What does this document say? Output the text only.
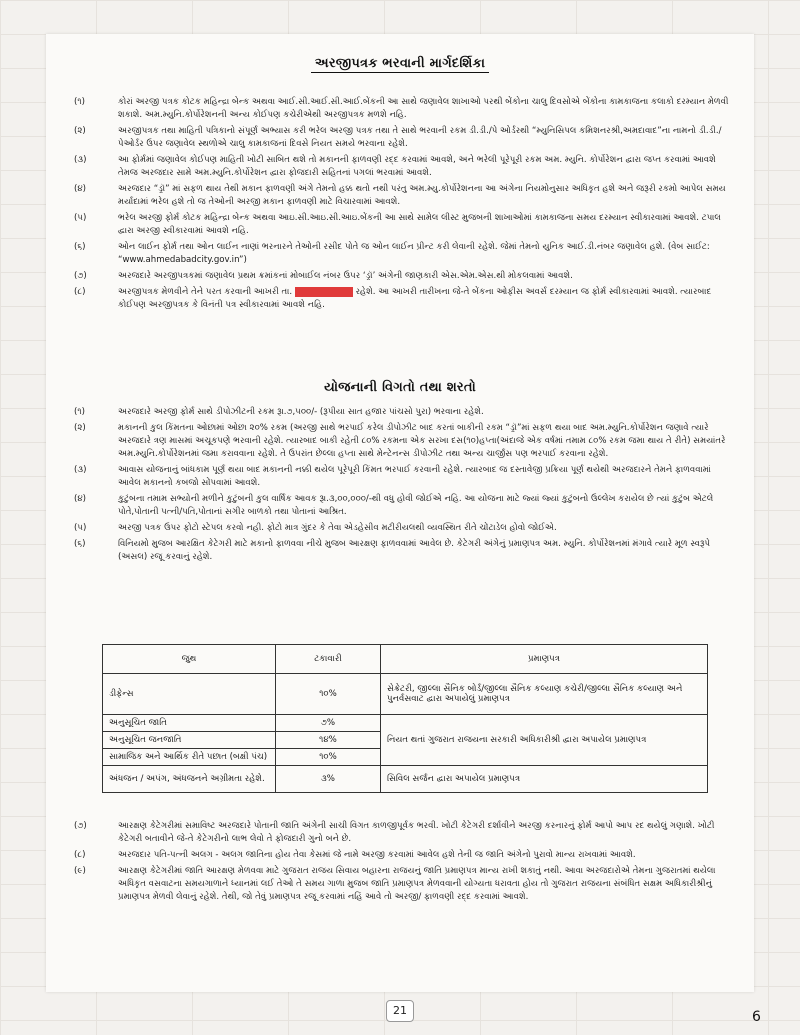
અરજીપત્રક ભરવાની માર્ગદર્શિકા
(૧)	કોરાં અરજી પત્રક કોટક મહિન્દ્રા બેન્ક અથવા આઈ.સી.આઈ.સી.આઈ.બેંકની આ સાથે જણાવેલ શાખાઓ પરથી બેંકોના ચાલુ દિવસોએ બેંકોના કામકાજના કલાકો દરમ્યાન મેળવી શકાશે. અમ.મ્યુનિ.કોર્પોરેશનની અન્ય કોઈપણ કચેરીએથી અરજીપત્રક મળશે નહિ.
(૨)	અરજીપત્રક તથા માહિતી પત્રિકાનો સંપૂર્ણ અભ્યાસ કરી ભરેલ અરજી પત્રક તથા તે સાથે ભરવાની રકમ ડી.ડી./પે ઓર્ડરથી “મ્યુનિસિપલ કમિશનરશ્રી,અમદાવાદ”ના નામનો ડી.ડી./પેઓર્ડર ઉપર જણાવેલ સ્થળોએ ચાલુ કામકાજનાં દિવસે નિયત સમયે ભરવાના રહેશે.
(૩)	આ ફોર્મમાં જણાવેલ કોઈપણ માહિતી ખોટી સાબિત થશે તો મકાનની ફાળવણી રદ્દ કરવામાં આવશે, અને ભરેલી પૂરેપૂરી રકમ અમ. મ્યુનિ. કોર્પોરેશન દ્વારા જપ્ત કરવામાં આવશે તેમજ અરજદાર સામે અમ.મ્યુનિ.કોર્પોરેશન દ્વારા ફોજદારી સહિતનાં પગલાં ભરવામાં આવશે.
(૪)	અરજદાર “ડ્રૉ” માં સફળ થાય તેથી મકાન ફાળવણી અંગે તેમનો હક્ક થતો નથી પરંતુ અમ.મ્યુ.કોર્પોરેશનના આ અંગેના નિયમોનુસાર અધિકૃત હશે અને જરૂરી રકમો આપેલ સમય મર્યાદામાં ભરેલ હશે તો જ તેઓની અરજી મકાન ફાળવણી માટે વિચારવામાં આવશે.
(૫)	ભરેલ અરજી ફોર્મ કોટક મહિન્દ્રા બેન્ક અથવા આઇ.સી.આઇ.સી.આઇ.બેંકની આ સાથે સામેલ લીસ્ટ મુજબની શાખાઓમાં કામકાજના સમય દરમ્યાન સ્વીકારવામાં આવશે. ટપાલ દ્વારા અરજી સ્વીકારવામાં આવશે નહિ.
(૬)	ઓન લાઈન ફોર્મ તથા ઓન લાઈન નાણાં ભરનારને તેઓની રસીદ પોતે જ ઓન લાઈન પ્રીન્ટ કરી લેવાની રહેશે. જેમાં તેમનો યુનિક આઈ.ડી.નંબર જણાવેલ હશે. (વેબ સાઈટ: “www.ahmedabadcity.gov.in”)
(૭)	અરજદારે અરજીપત્રકમાં જણાવેલ પ્રથમ ક્રમાંકનાં મોબાઈલ નંબર ઉપર ‘ડ્રૉ’ અંગેની જાણકારી એસ.એમ.એસ.થી મોકલવામાં આવશે.
(૮)	અરજીપત્રક મેળવીને તેને પરત કરવાની આખરી તા.	રહેશે. આ આખરી તારીખના જે-તે બેંકના ઓફીસ અવર્સ દરમ્યાન જ ફોર્મ સ્વીકારવામાં આવશે. ત્યારબાદ કોઈપણ અરજીપત્રક કે વિનંતી પત્ર સ્વીકારવામાં આવશે નહિ.
યોજનાની વિગતો તથા શરતો
(૧)	અરજદારે અરજી ફોર્મ સાથે ડીપોઝીટની રકમ રૂા.૭,૫૦૦/- (રૂપીયા સાત હજાર પાંચસો પુરા) ભરવાના રહેશે.
(૨)	મકાનની કુલ કિંમતના ઓછામાં ઓછા ૨૦% રકમ (અરજી સાથે ભરપાઈ કરેલ ડીપોઝીટ બાદ કરતાં બાકીની રકમ “ડ્રૉ”માં સફળ થયા બાદ અમ.મ્યુનિ.કોર્પોરેશન જણાવે ત્યારે અરજદારે ત્રણ માસમાં અચૂકપણે ભરવાની રહેશે. ત્યારબાદ બાકી રહેતી ૮૦% રકમના એક સરખા દસ(૧૦)હપ્તા(અંદાજે એક વર્ષમાં તમામ ૮૦% રકમ જમા થાય તે રીતે) સમયાંતરે અમ.મ્યુનિ.કોર્પોરેશનમાં જમા કરાવવાના રહેશે. તે ઉપરાંત છેલ્લા હપ્તા સાથે મેન્ટેનન્સ ડીપોઝીટ તથા અન્ય ચાર્જીસ પણ ભરપાઈ કરવાના રહેશે.
(૩)	આવાસ યોજનાનું બાંધકામ પૂર્ણ થયા બાદ મકાનની નક્કી થયેલ પૂરેપૂરી કિંમત ભરપાઈ કરવાની રહેશે. ત્યારબાદ જ દસ્તાવેજી પ્રક્રિયા પૂર્ણ થયેથી અરજદારને તેમને ફાળવવામાં આવેલ મકાનનો કબજો સોંપવામાં આવશે.
(૪)	કુટુંબના તમામ સભ્યોની મળીને કુટુંબની કુલ વાર્ષિક આવક રૂા.૩,૦૦,૦૦૦/-થી વધુ હોવી જોઈએ નહિ. આ યોજના માટે જ્યાં જ્યાં કુટુંબનો ઉલ્લેખ કરાયેલ છે ત્યાં કુટુંબ એટલે પોતે,પોતાની પત્ની/પતિ,પોતાનાં સગીર બાળકો તથા પોતાનાં આશ્રિત.
(૫)	અરજી પત્રક ઉપર ફોટો સ્ટેપલ કરવો નહી. ફોટો માત્ર ગુંદર કે તેવા એડહેસીવ મટીરીયલથી વ્યવસ્થિત રીતે ચોંટાડેલ હોવો જોઈએ.
(૬)	વિનિયમો મુજબ આરક્ષિત કેટેગરી માટે મકાનો ફાળવવા નીચે મુજબ આરક્ષણ ફાળવવામાં આવેલ છે. કેટેગરી અંગેનું પ્રમાણપત્ર અમ. મ્યુનિ. કોર્પોરેશનમાં મંગાવે ત્યારે મૂળ સ્વરૂપે (અસલ) રજૂ કરવાનું રહેશે.
જુથ	ટકાવારી	પ્રમાણપત્ર
ડીફેન્સ	૧૦%	સેક્રેટરી, જીલ્લા સૈનિક બોર્ડ/જીલ્લા સૈનિક કલ્યાણ કચેરી/જીલ્લા સૈનિક કલ્યાણ અને પુનર્વસવાટ દ્વારા અપાયેલું પ્રમાણપત્ર
અનુસૂચિત જાતિ	૭%	નિયત થતાં ગુજરાત રાજયના સરકારી અધિકારીશ્રી દ્વારા અપાયેલ પ્રમાણપત્ર
અનુસૂચિત જનજાતિ	૧૪%	
સામાજિક અને આર્થિક રીતે પછાત (બક્ષી પંચ)	૧૦%	
અંધજન / અપંગ, અંધજનને અગ્રીમતા રહેશે.	૩%	સિવિલ સર્જન દ્વારા અપાયેલ પ્રમાણપત્ર
(૭)	આરક્ષણ કેટેગરીમાં સમાવિષ્ટ અરજદારે પોતાની જાતિ અંગેની સાચી વિગત કાળજીપૂર્વક ભરવી. ખોટી કેટેગરી દર્શાવીને અરજી કરનારનું ફોર્મ આપો આપ રદ થયેલું ગણાશે. ખોટી કેટેગરી બતાવીને જે-તે કેટેગરીનો લાભ લેવો તે ફોજદારી ગુનો બને છે.
(૮)	અરજદાર પતિ-પત્ની અલગ - અલગ જાતિના હોય તેવા કેસમાં જે નામે અરજી કરવામાં આવેલ હશે તેની જ જાતિ અંગેનો પુરાવો માન્ય રાખવામાં આવશે.
(૯)	આરક્ષણ કેટેગરીમાં જાતિ આરક્ષણ મેળવવા માટે ગુજરાત રાજય સિવાય બહારના રાજયનું જાતિ પ્રમાણપત્ર માન્ય રાખી શકાતું નથી. આવા અરજદારોએ તેમના ગુજરાતમાં થયેલા અધિકૃત વસવાટના સમયગાળાને ધ્યાનમાં લઈ તેઓ તે સમય ગાળા મુજબ જાતિ પ્રમાણપત્ર મેળવવાની યોગ્યતા ધરાવતા હોય તો ગુજરાત રાજયના સંબંધિત સક્ષમ અધિકારીશ્રીનું પ્રમાણપત્ર મેળવી લેવાનું રહેશે. તેથી, જો તેવું પ્રમાણપત્ર રજૂ કરવામાં નહિં આવે તો અરજી/ ફાળવણી રદ્દ કરવામાં આવશે.
21	6
